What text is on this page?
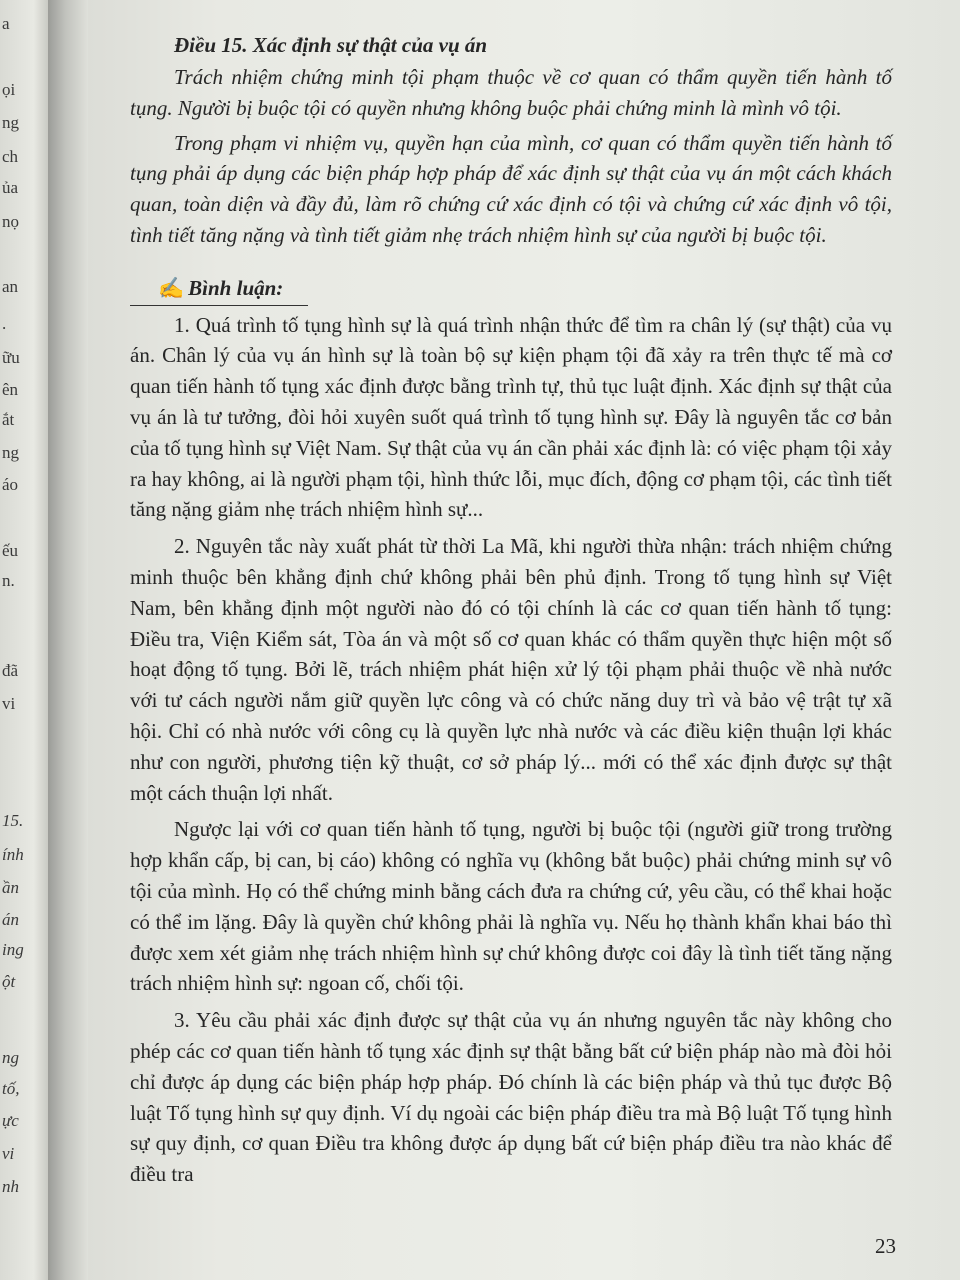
a
ọi
ng
ch
ủa
nọ
an
.
ữu
ên
ắt
ng
áo
ếu
n.
đã
vi
15.
ính
ần
án
ing
ột
ng
tố,
ực
vi
nh
Điều 15. Xác định sự thật của vụ án

Trách nhiệm chứng minh tội phạm thuộc về cơ quan có thẩm quyền tiến hành tố tụng. Người bị buộc tội có quyền nhưng không buộc phải chứng minh là mình vô tội.

Trong phạm vi nhiệm vụ, quyền hạn của mình, cơ quan có thẩm quyền tiến hành tố tụng phải áp dụng các biện pháp hợp pháp để xác định sự thật của vụ án một cách khách quan, toàn diện và đầy đủ, làm rõ chứng cứ xác định có tội và chứng cứ xác định vô tội, tình tiết tăng nặng và tình tiết giảm nhẹ trách nhiệm hình sự của người bị buộc tội.

✍ Bình luận:

1. Quá trình tố tụng hình sự là quá trình nhận thức để tìm ra chân lý (sự thật) của vụ án. Chân lý của vụ án hình sự là toàn bộ sự kiện phạm tội đã xảy ra trên thực tế mà cơ quan tiến hành tố tụng xác định được bằng trình tự, thủ tục luật định. Xác định sự thật của vụ án là tư tưởng, đòi hỏi xuyên suốt quá trình tố tụng hình sự. Đây là nguyên tắc cơ bản của tố tụng hình sự Việt Nam. Sự thật của vụ án cần phải xác định là: có việc phạm tội xảy ra hay không, ai là người phạm tội, hình thức lỗi, mục đích, động cơ phạm tội, các tình tiết tăng nặng giảm nhẹ trách nhiệm hình sự...

2. Nguyên tắc này xuất phát từ thời La Mã, khi người thừa nhận: trách nhiệm chứng minh thuộc bên khẳng định chứ không phải bên phủ định. Trong tố tụng hình sự Việt Nam, bên khẳng định một người nào đó có tội chính là các cơ quan tiến hành tố tụng: Điều tra, Viện Kiểm sát, Tòa án và một số cơ quan khác có thẩm quyền thực hiện một số hoạt động tố tụng. Bởi lẽ, trách nhiệm phát hiện xử lý tội phạm phải thuộc về nhà nước với tư cách người nắm giữ quyền lực công và có chức năng duy trì và bảo vệ trật tự xã hội. Chỉ có nhà nước với công cụ là quyền lực nhà nước và các điều kiện thuận lợi khác như con người, phương tiện kỹ thuật, cơ sở pháp lý... mới có thể xác định được sự thật một cách thuận lợi nhất.

Ngược lại với cơ quan tiến hành tố tụng, người bị buộc tội (người giữ trong trường hợp khẩn cấp, bị can, bị cáo) không có nghĩa vụ (không bắt buộc) phải chứng minh sự vô tội của mình. Họ có thể chứng minh bằng cách đưa ra chứng cứ, yêu cầu, có thể khai hoặc có thể im lặng. Đây là quyền chứ không phải là nghĩa vụ. Nếu họ thành khẩn khai báo thì được xem xét giảm nhẹ trách nhiệm hình sự chứ không được coi đây là tình tiết tăng nặng trách nhiệm hình sự: ngoan cố, chối tội.

3. Yêu cầu phải xác định được sự thật của vụ án nhưng nguyên tắc này không cho phép các cơ quan tiến hành tố tụng xác định sự thật bằng bất cứ biện pháp nào mà đòi hỏi chỉ được áp dụng các biện pháp hợp pháp. Đó chính là các biện pháp và thủ tục được Bộ luật Tố tụng hình sự quy định. Ví dụ ngoài các biện pháp điều tra mà Bộ luật Tố tụng hình sự quy định, cơ quan Điều tra không được áp dụng bất cứ biện pháp điều tra nào khác để điều tra

23
